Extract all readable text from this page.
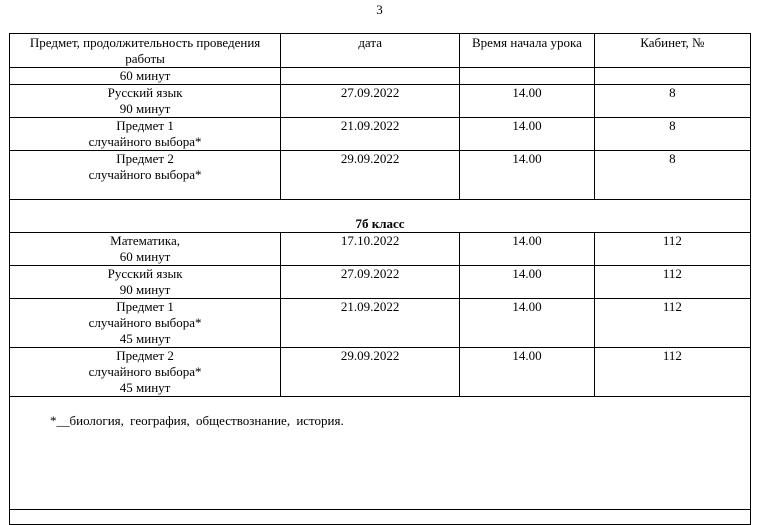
3
Предмет, продолжительность проведения
работы	дата	Время начала урока	Кабинет, №

60 минут			

Русский язык
90 минут	27.09.2022	14.00	8

Предмет 1
случайного выбора*	21.09.2022	14.00	8

Предмет 2
случайного выбора*	29.09.2022	14.00	8
7б класс			

Математика,
60 минут	17.10.2022	14.00	112

Русский язык
90 минут	27.09.2022	14.00	112

Предмет 1
случайного выбора*
45 минут	21.09.2022	14.00	112

Предмет 2
случайного выбора*
45 минут	29.09.2022	14.00	112
*__биология, география, обществознание, история.			
